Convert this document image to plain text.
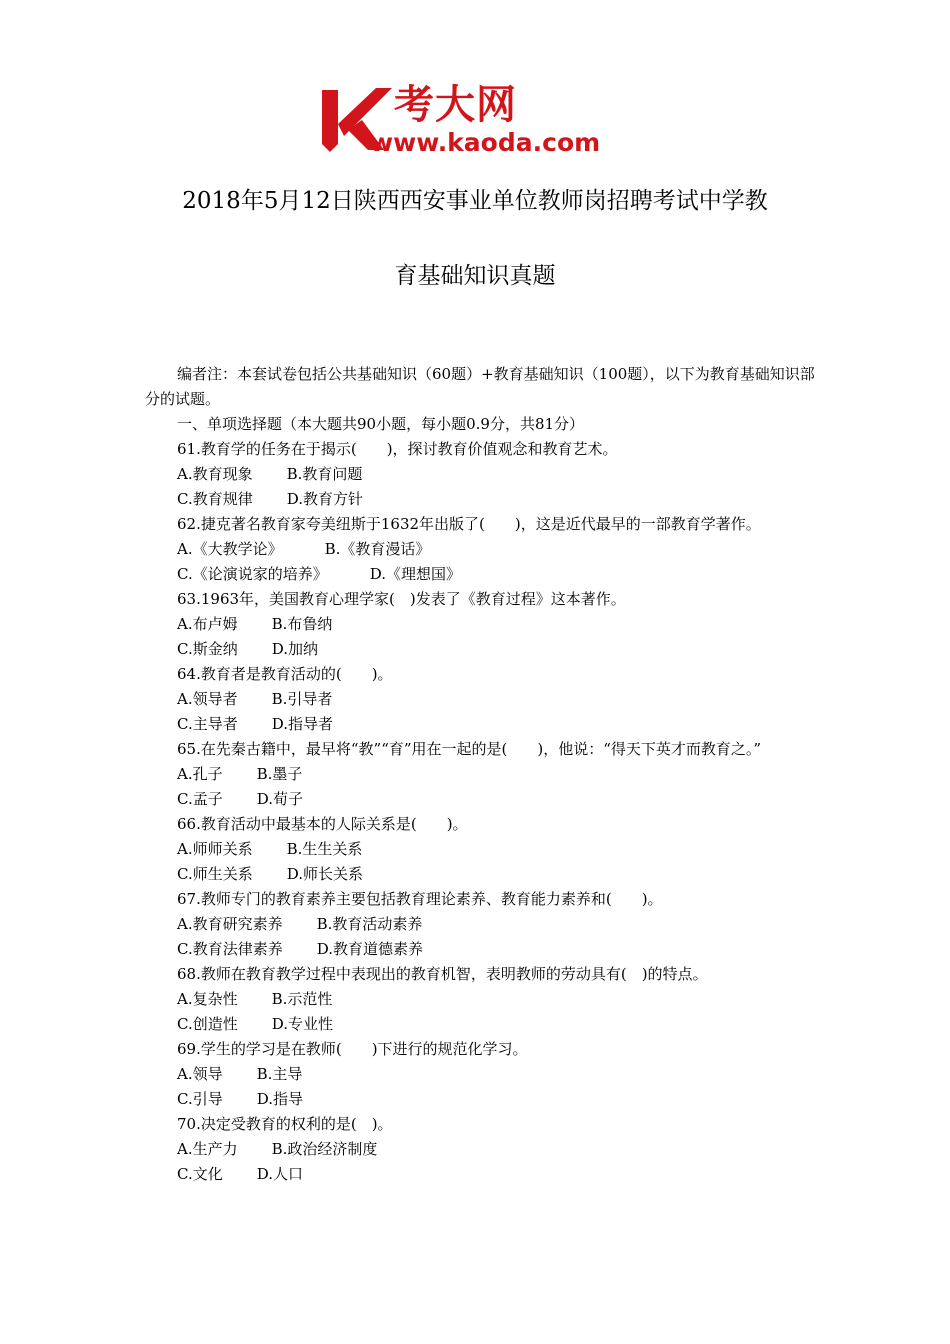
考大网
www.kaoda.com
2018年5月12日陕西西安事业单位教师岗招聘考试中学教
育基础知识真题

编者注：本套试卷包括公共基础知识（60题）+教育基础知识（100题），以下为教育基础知识部分的试题。

一、单项选择题（本大题共90小题，每小题0.9分，共81分）

61.教育学的任务在于揭示(　　)，探讨教育价值观念和教育艺术。

A.教育现象 B.教育问题

C.教育规律 D.教育方针

62.捷克著名教育家夸美纽斯于1632年出版了(　　)，这是近代最早的一部教育学著作。

A.《大教学论》	B.《教育漫话》

C.《论演说家的培养》	D.《理想国》

63.1963年，美国教育心理学家(　)发表了《教育过程》这本著作。

A.布卢姆 B.布鲁纳

C.斯金纳 D.加纳

64.教育者是教育活动的(　　)。

A.领导者 B.引导者

C.主导者 D.指导者

65.在先秦古籍中，最早将“教”“育”用在一起的是(　　)，他说：“得天下英才而教育之。”

A.孔子 B.墨子

C.孟子 D.荀子

66.教育活动中最基本的人际关系是(　　)。

A.师师关系 B.生生关系

C.师生关系 D.师长关系

67.教师专门的教育素养主要包括教育理论素养、教育能力素养和(　　)。

A.教育研究素养 B.教育活动素养

C.教育法律素养 D.教育道德素养

68.教师在教育教学过程中表现出的教育机智，表明教师的劳动具有(　)的特点。

A.复杂性 B.示范性

C.创造性 D.专业性

69.学生的学习是在教师(　　)下进行的规范化学习。

A.领导 B.主导

C.引导 D.指导

70.决定受教育的权利的是(　)。

A.生产力 B.政治经济制度

C.文化 D.人口
